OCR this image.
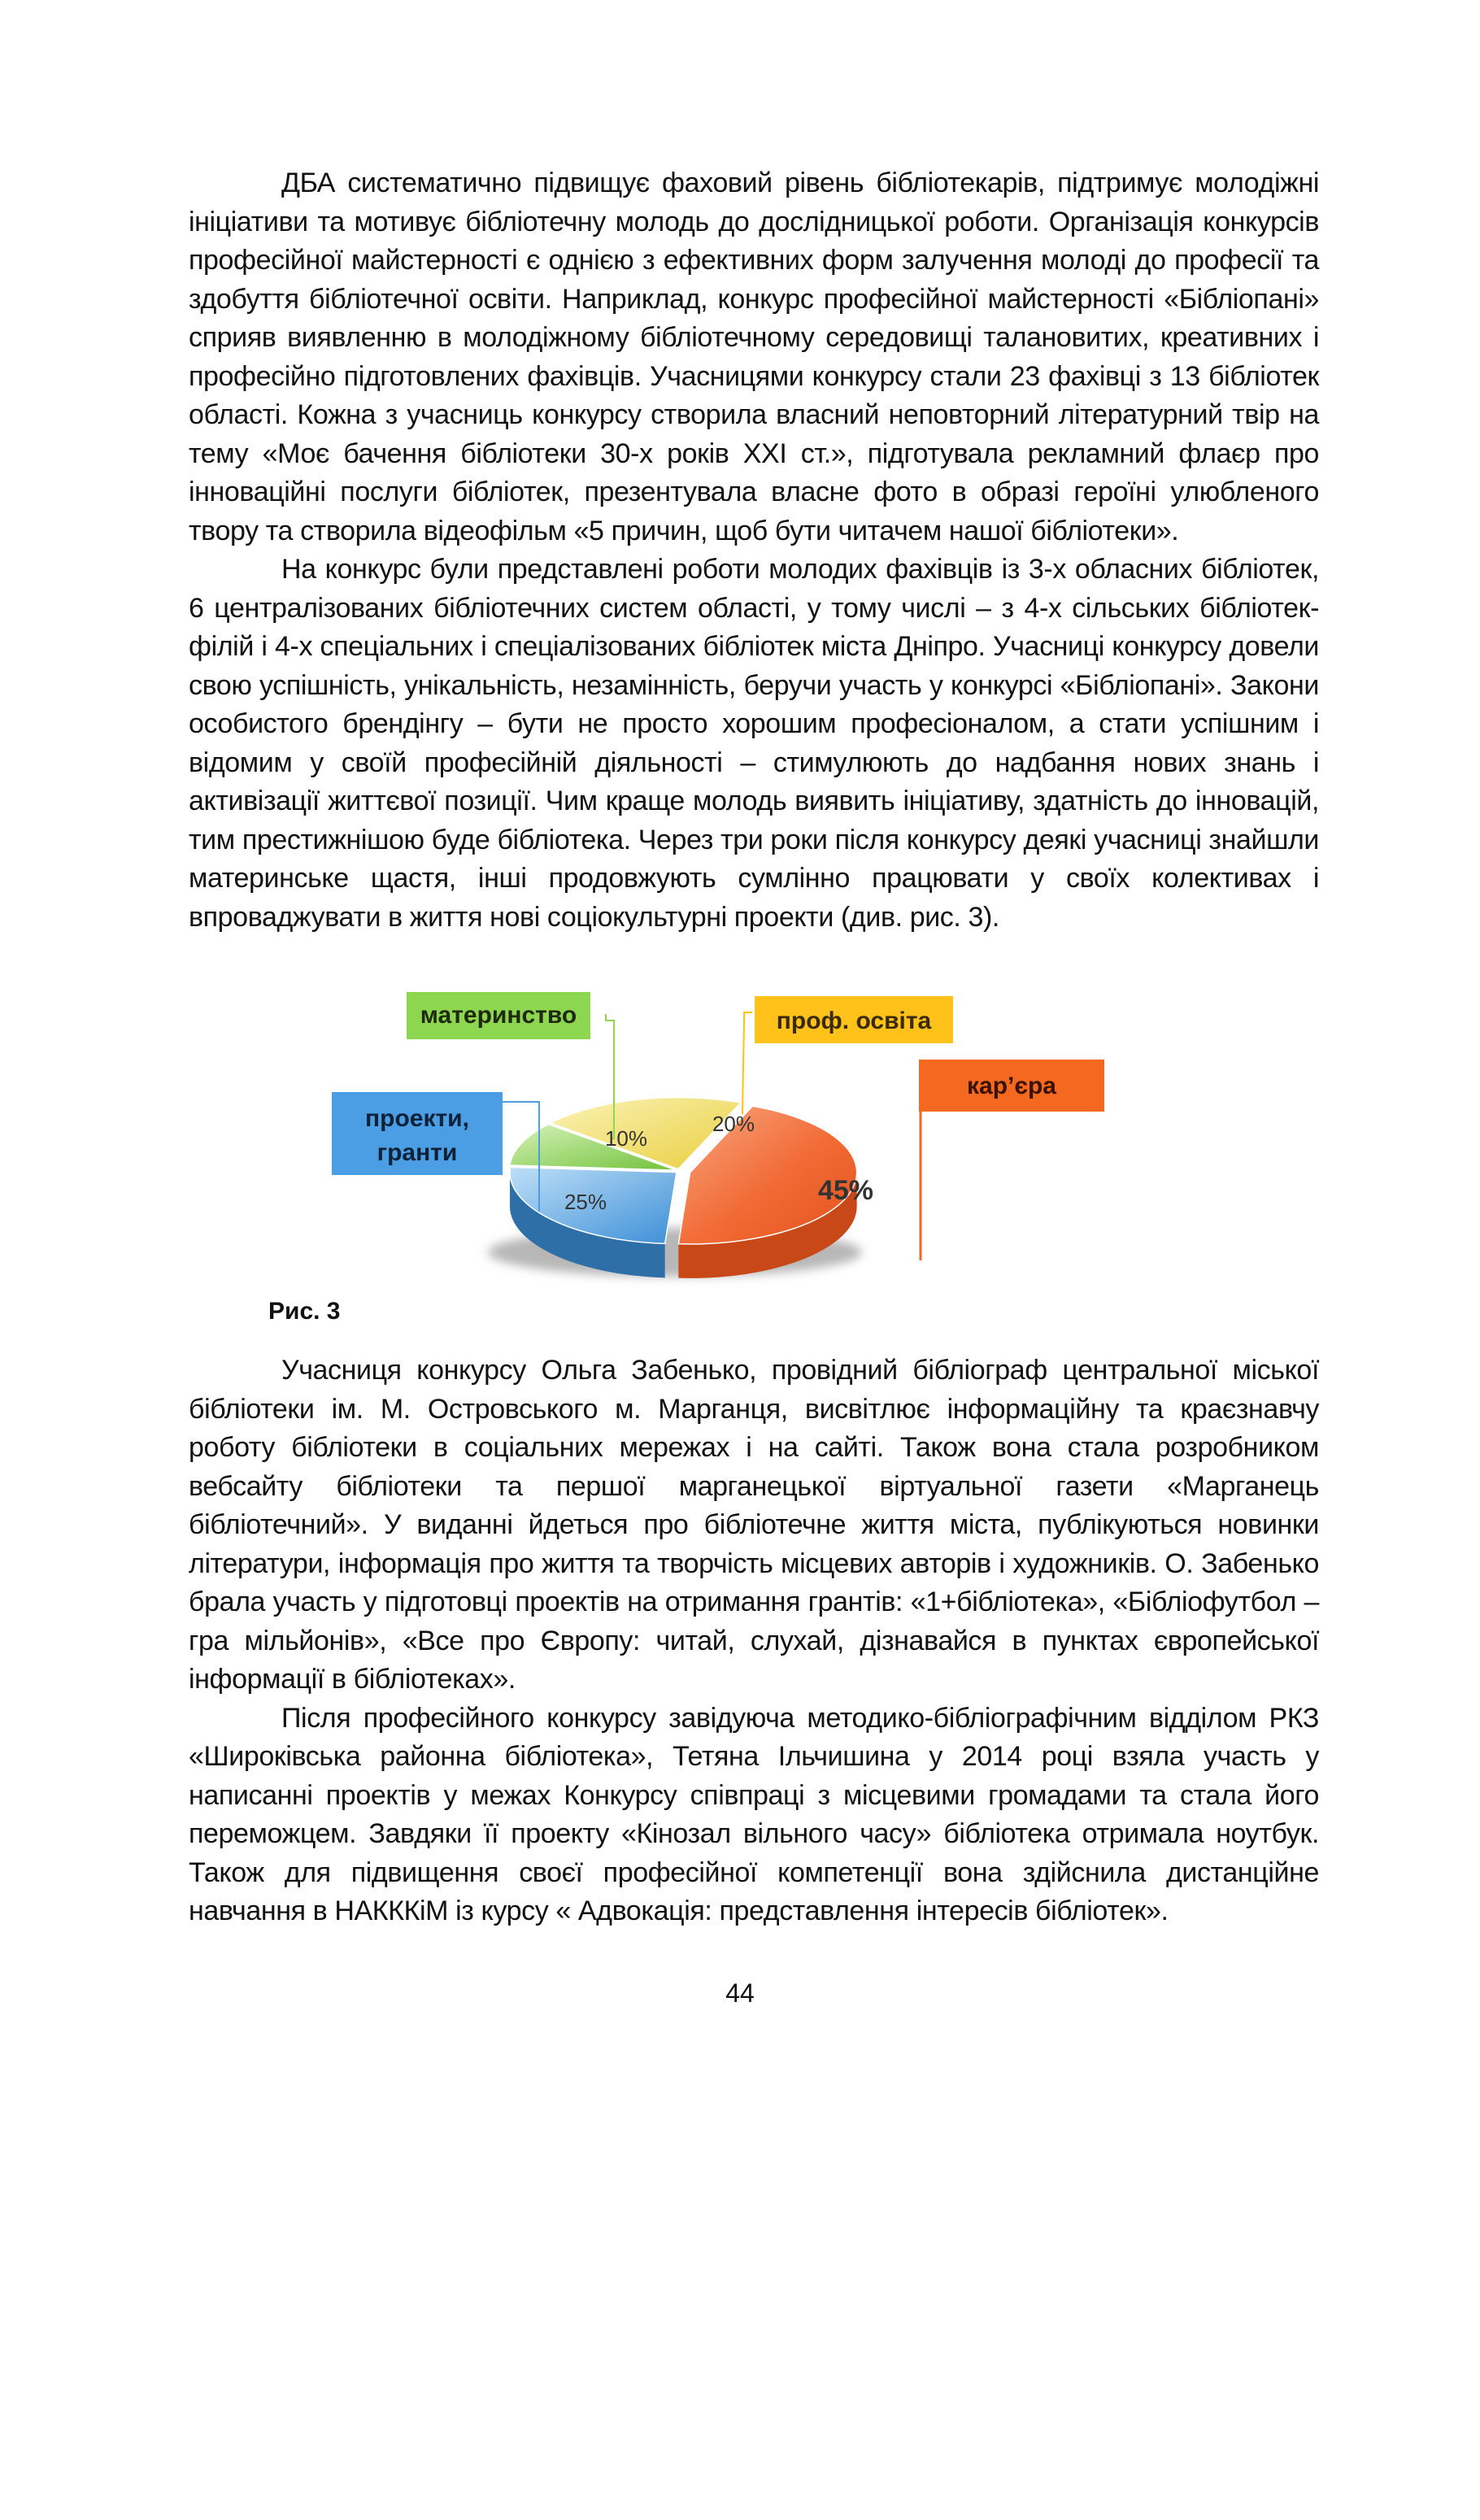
ДБА систематично підвищує фаховий рівень бібліотекарів, підтримує молодіжні ініціативи та мотивує бібліотечну молодь до дослідницької роботи. Організація конкурсів професійної майстерності є однією з ефективних форм залучення молоді до професії та здобуття бібліотечної освіти. Наприклад, конкурс професійної майстерності «Бібліопані» сприяв виявленню в молодіжному бібліотечному середовищі талановитих, креативних і професійно підготовлених фахівців. Учасницями конкурсу стали 23 фахівці з 13 бібліотек області. Кожна з учасниць конкурсу створила власний неповторний літературний твір на тему «Моє бачення бібліотеки 30-х років ХХІ ст.», підготувала рекламний флаєр про інноваційні послуги бібліотек, презентувала власне фото в образі героїні улюбленого твору та створила відеофільм «5 причин, щоб бути читачем нашої бібліотеки».

На конкурс були представлені роботи молодих фахівців із 3-х обласних бібліотек, 6 централізованих бібліотечних систем області, у тому числі – з 4-х сільських бібліотек-філій і 4-х спеціальних і спеціалізованих бібліотек міста Дніпро. Учасниці конкурсу довели свою успішність, унікальність, незамінність, беручи участь у конкурсі «Бібліопані». Закони особистого брендінгу – бути не просто хорошим професіоналом, а стати успішним і відомим у своїй професійній діяльності – стимулюють до надбання нових знань і активізації життєвої позиції. Чим краще молодь виявить ініціативу, здатність до інновацій, тим престижнішою буде бібліотека. Через три роки після конкурсу деякі учасниці знайшли материнське щастя, інші продовжують сумлінно працювати у своїх колективах і впроваджувати в життя нові соціокультурні проекти (див. рис. 3).

материнство	проф. освіта
кар’єра
проекти,
гранти
10%
20%
25%	45%

Рис. 3

Учасниця конкурсу Ольга Забенько, провідний бібліограф центральної міської бібліотеки ім. М. Островського м. Марганця, висвітлює інформаційну та краєзнавчу роботу бібліотеки в соціальних мережах і на сайті. Також вона стала розробником вебсайту бібліотеки та першої марганецької віртуальної газети «Марганець бібліотечний». У виданні йдеться про бібліотечне життя міста, публікуються новинки літератури, інформація про життя та творчість місцевих авторів і художників. О. Забенько брала участь у підготовці проектів на отримання грантів: «1+бібліотека», «Бібліофутбол – гра мільйонів», «Все про Європу: читай, слухай, дізнавайся в пунктах європейської інформації в бібліотеках».

Після професійного конкурсу завідуюча методико-бібліографічним відділом РКЗ «Широківська районна бібліотека», Тетяна Ільчишина у 2014 році взяла участь у написанні проектів у межах Конкурсу співпраці з місцевими громадами та стала його переможцем. Завдяки її проекту «Кінозал вільного часу» бібліотека отримала ноутбук. Також для підвищення своєї професійної компетенції вона здійснила дистанційне навчання в НАКККіМ із курсу « Адвокація: представлення інтересів бібліотек».

44
